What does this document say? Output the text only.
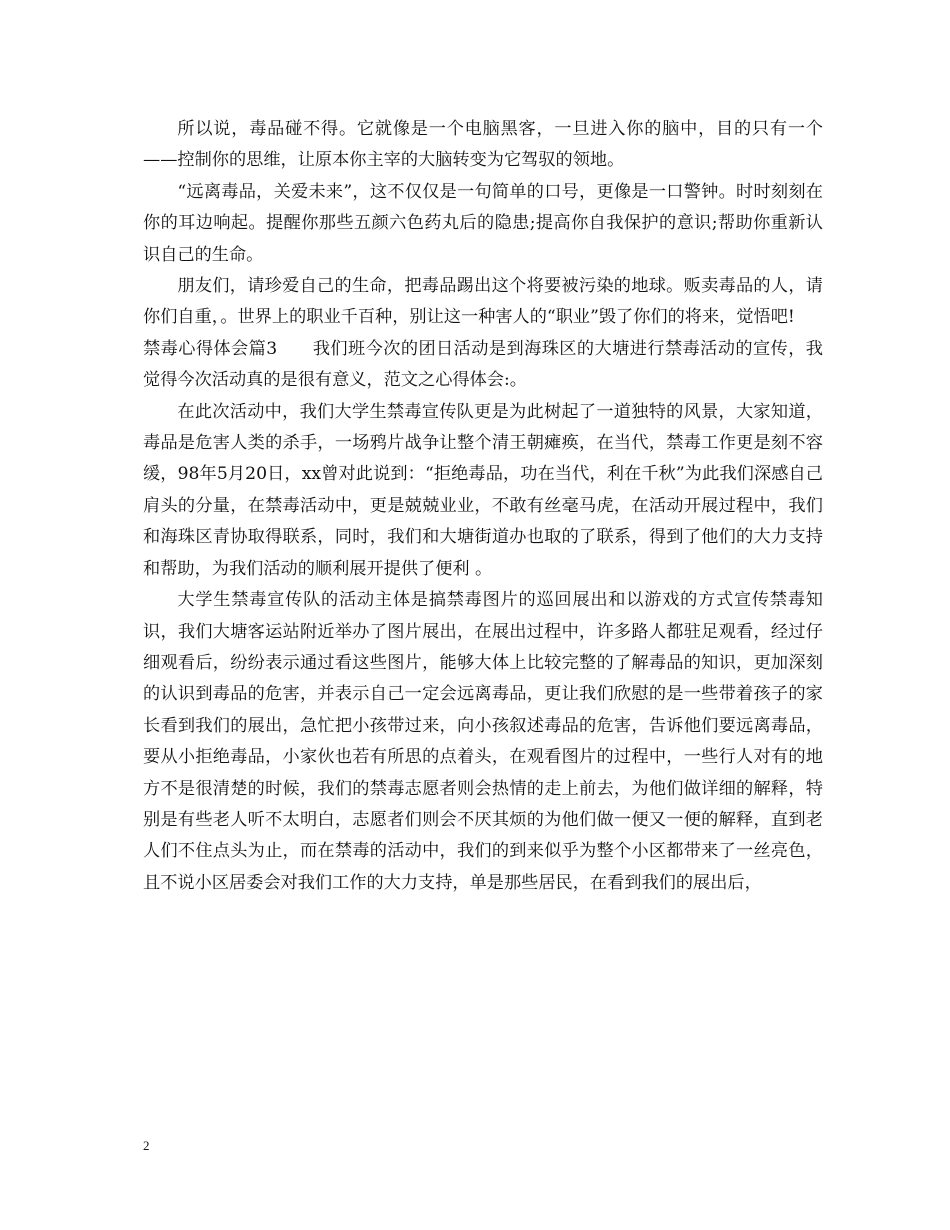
所以说，毒品碰不得。它就像是一个电脑黑客，一旦进入你的脑中，目的只有一个——控制你的思维，让原本你主宰的大脑转变为它驾驭的领地。

“远离毒品，关爱未来”，这不仅仅是一句简单的口号，更像是一口警钟。时时刻刻在你的耳边响起。提醒你那些五颜六色药丸后的隐患;提高你自我保护的意识;帮助你重新认识自己的生命。

朋友们，请珍爱自己的生命，把毒品踢出这个将要被污染的地球。贩卖毒品的人，请你们自重，。世界上的职业千百种，别让这一种害人的“职业”毁了你们的将来，觉悟吧!

禁毒心得体会篇3　　我们班今次的团日活动是到海珠区的大塘进行禁毒活动的宣传，我觉得今次活动真的是很有意义，范文之心得体会:。

在此次活动中，我们大学生禁毒宣传队更是为此树起了一道独特的风景，大家知道，毒品是危害人类的杀手，一场鸦片战争让整个清王朝瘫痪，在当代，禁毒工作更是刻不容缓，98年5月20日，xx曾对此说到：“拒绝毒品，功在当代，利在千秋”为此我们深感自己肩头的分量，在禁毒活动中，更是兢兢业业，不敢有丝毫马虎，在活动开展过程中，我们和海珠区青协取得联系，同时，我们和大塘街道办也取的了联系，得到了他们的大力支持和帮助，为我们活动的顺利展开提供了便利 。

大学生禁毒宣传队的活动主体是搞禁毒图片的巡回展出和以游戏的方式宣传禁毒知识，我们大塘客运站附近举办了图片展出，在展出过程中，许多路人都驻足观看，经过仔细观看后，纷纷表示通过看这些图片，能够大体上比较完整的了解毒品的知识，更加深刻的认识到毒品的危害，并表示自己一定会远离毒品，更让我们欣慰的是一些带着孩子的家长看到我们的展出，急忙把小孩带过来，向小孩叙述毒品的危害，告诉他们要远离毒品，要从小拒绝毒品，小家伙也若有所思的点着头，在观看图片的过程中，一些行人对有的地方不是很清楚的时候，我们的禁毒志愿者则会热情的走上前去，为他们做详细的解释，特别是有些老人听不太明白，志愿者们则会不厌其烦的为他们做一便又一便的解释，直到老人们不住点头为止，而在禁毒的活动中，我们的到来似乎为整个小区都带来了一丝亮色，且不说小区居委会对我们工作的大力支持，单是那些居民，在看到我们的展出后，

2
